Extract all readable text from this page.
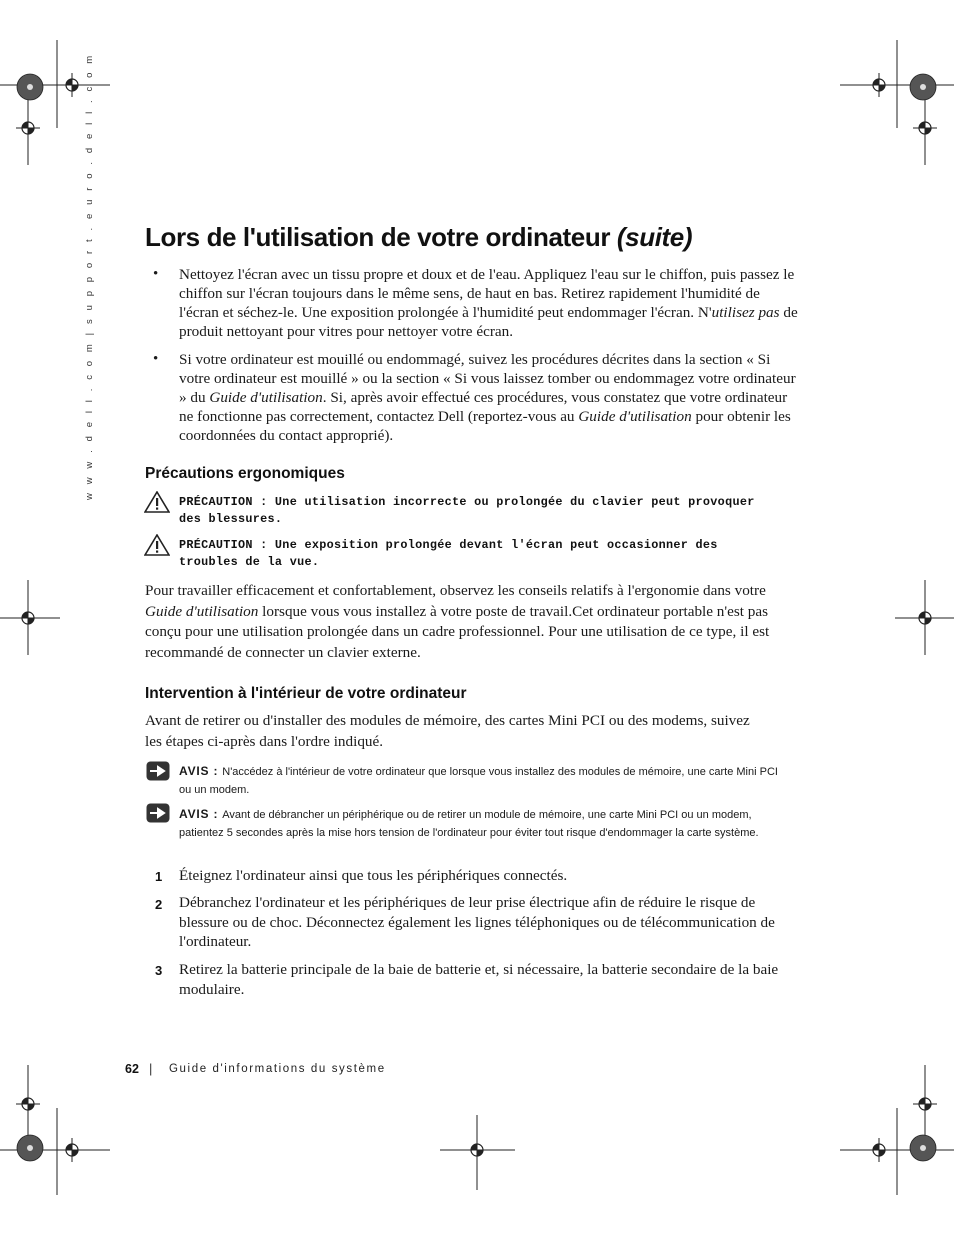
w w w . d e l l . c o m | s u p p o r t . e u r o . d e l l . c o m Lors de l'utilisation de votre ordinateur (suite)
• Nettoyez l'écran avec un tissu propre et doux et de l'eau. Appliquez l'eau sur le chiffon, puis passez le chiffon sur l'écran toujours dans le même sens, de haut en bas. Retirez rapidement l'humidité de l'écran et séchez-le. Une exposition prolongée à l'humidité peut endommager l'écran. N'utilisez pas de produit nettoyant pour vitres pour nettoyer votre écran.
• Si votre ordinateur est mouillé ou endommagé, suivez les procédures décrites dans la section « Si votre ordinateur est mouillé » ou la section « Si vous laissez tomber ou endommagez votre ordinateur » du Guide d'utilisation. Si, après avoir effectué ces procédures, vous constatez que votre ordinateur ne fonctionne pas correctement, contactez Dell (reportez-vous au Guide d'utilisation pour obtenir les coordonnées du contact approprié).
Précautions ergonomiques
PRÉCAUTION : Une utilisation incorrecte ou prolongée du clavier peut provoquer des blessures.
PRÉCAUTION : Une exposition prolongée devant l'écran peut occasionner des troubles de la vue.
Pour travailler efficacement et confortablement, observez les conseils relatifs à l'ergonomie dans votre Guide d'utilisation lorsque vous vous installez à votre poste de travail.Cet ordinateur portable n'est pas conçu pour une utilisation prolongée dans un cadre professionnel. Pour une utilisation de ce type, il est recommandé de connecter un clavier externe.
Intervention à l'intérieur de votre ordinateur
Avant de retirer ou d'installer des modules de mémoire, des cartes Mini PCI ou des modems, suivez les étapes ci-après dans l'ordre indiqué.
AVIS : N'accédez à l'intérieur de votre ordinateur que lorsque vous installez des modules de mémoire, une carte Mini PCI ou un modem.
AVIS : Avant de débrancher un périphérique ou de retirer un module de mémoire, une carte Mini PCI ou un modem, patientez 5 secondes après la mise hors tension de l'ordinateur pour éviter tout risque d'endommager la carte système.
1 Éteignez l'ordinateur ainsi que tous les périphériques connectés.
2 Débranchez l'ordinateur et les périphériques de leur prise électrique afin de réduire le risque de blessure ou de choc. Déconnectez également les lignes téléphoniques ou de télécommunication de l'ordinateur.
3 Retirez la batterie principale de la baie de batterie et, si nécessaire, la batterie secondaire de la baie modulaire.
62 | Guide d'informations du système
